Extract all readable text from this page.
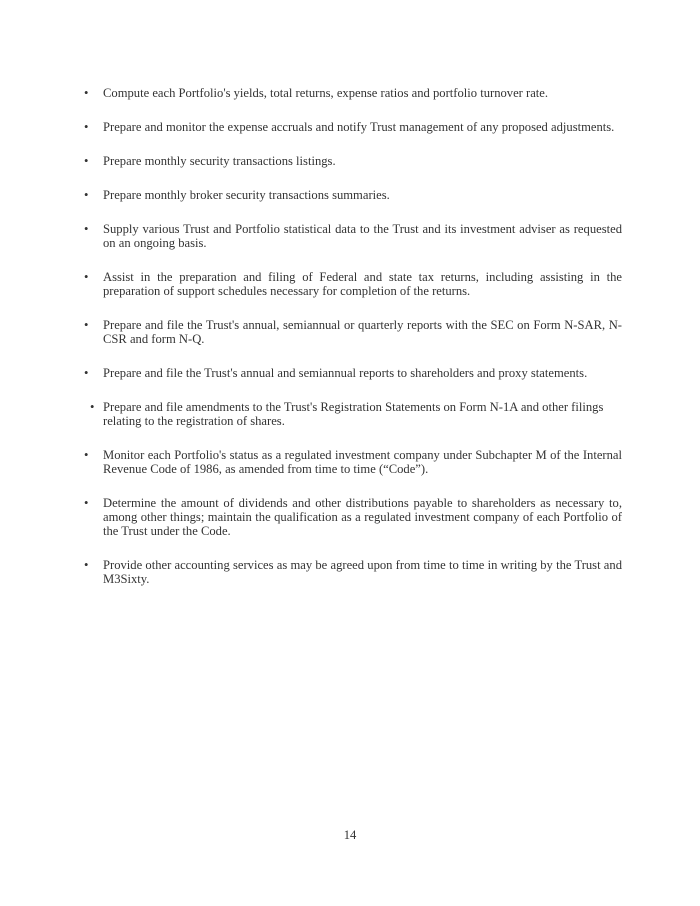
•	Compute each Portfolio's yields, total returns, expense ratios and portfolio turnover rate.
•	Prepare and monitor the expense accruals and notify Trust management of any proposed adjustments.
•	Prepare monthly security transactions listings.
•	Prepare monthly broker security transactions summaries.
•	Supply various Trust and Portfolio statistical data to the Trust and its investment adviser as requested on an ongoing basis.
•	Assist in the preparation and filing of Federal and state tax returns, including assisting in the preparation of support schedules necessary for completion of the returns.
•	Prepare and file the Trust's annual, semiannual or quarterly reports with the SEC on Form N-SAR, N-CSR and form N-Q.
•	Prepare and file the Trust's annual and semiannual reports to shareholders and proxy statements.
• Prepare and file amendments to the Trust's Registration Statements on Form N-1A and other filings relating to the registration of shares.
•	Monitor each Portfolio's status as a regulated investment company under Subchapter M of the Internal Revenue Code of 1986, as amended from time to time (“Code”).
•	Determine the amount of dividends and other distributions payable to shareholders as necessary to, among other things; maintain the qualification as a regulated investment company of each Portfolio of the Trust under the Code.
•	Provide other accounting services as may be agreed upon from time to time in writing by the Trust and M3Sixty.
14
